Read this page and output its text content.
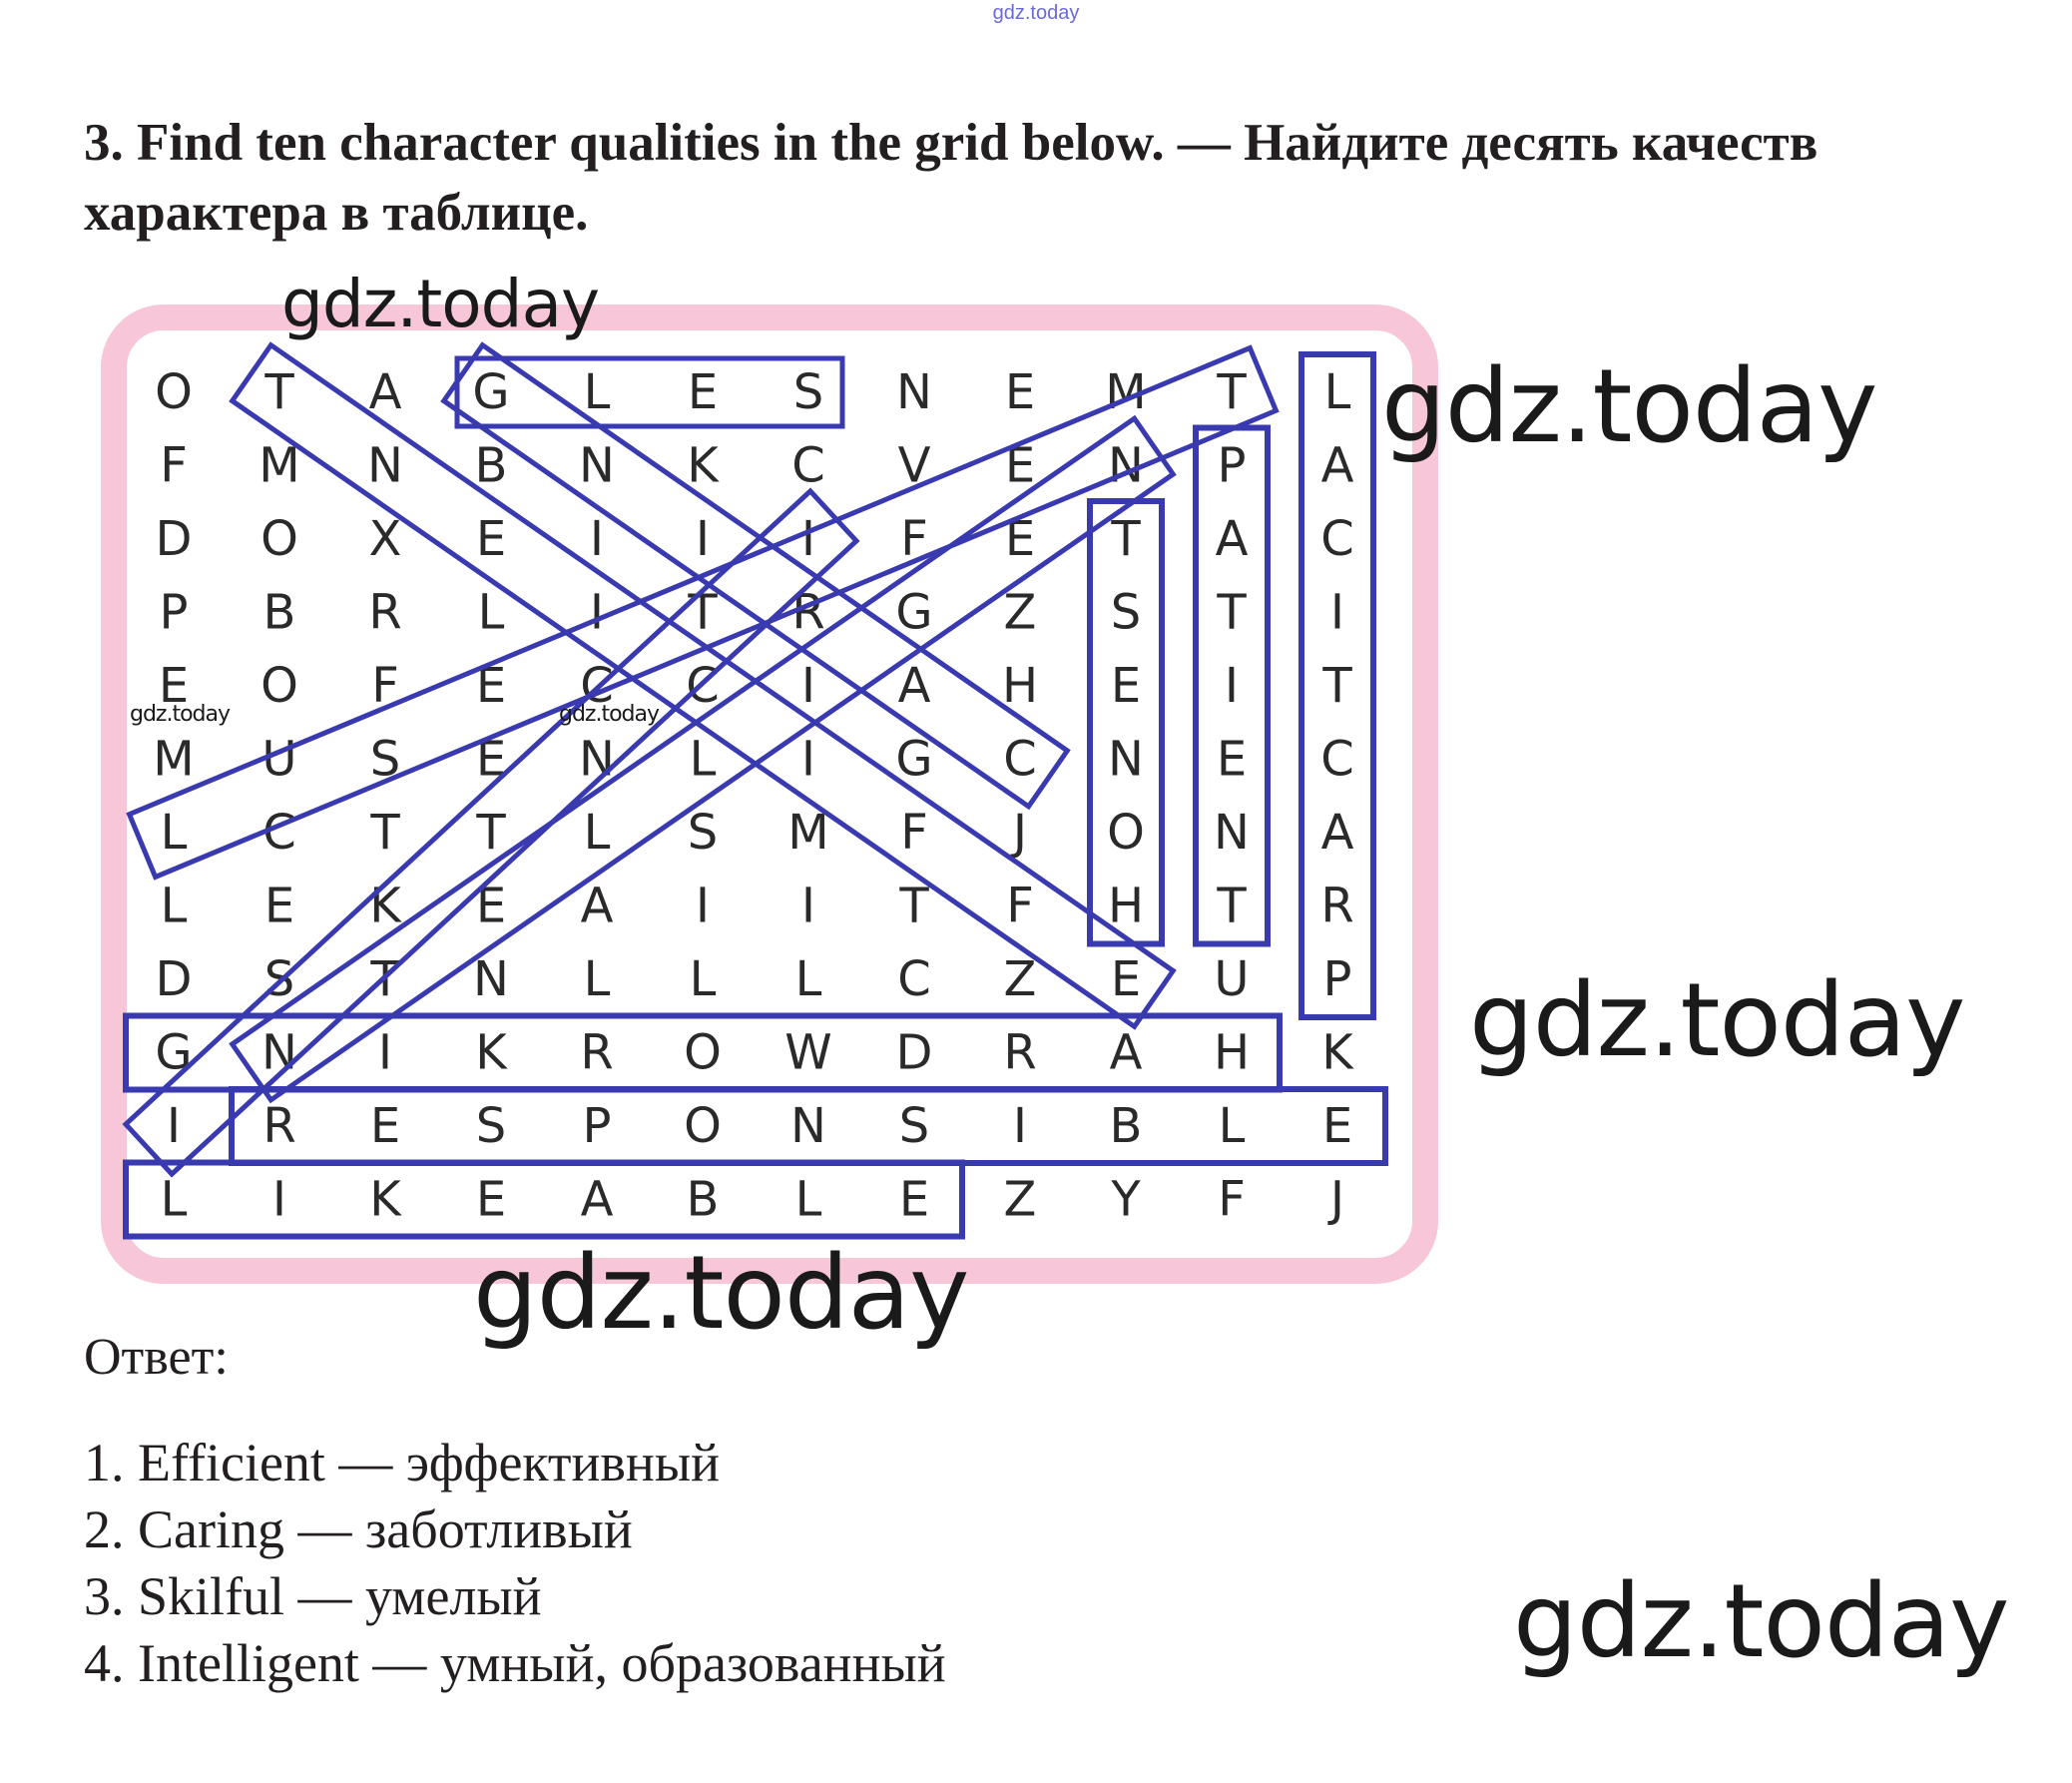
gdz.today
3. Find ten character qualities in the grid below. — Найдите десять качеств
характера в таблице.
O T A G L E S N E M T L
F M N B N K C V E N P A
D O X E I I I F E T A C
P B R L I T R G Z S T I
E O F E C C I A H E I T
M U S E N L I G C N E C
L C T T L S M F J O N A
L E K E A I I T F H T R
D S T N L L L C Z E U P
G N I K R O W D R A H K
I R E S P O N S I B L E
L I K E A B L E Z Y F J
Ответ:
1. Efficient — эффективный
2. Caring — заботливый
3. Skilful — умелый
4. Intelligent — умный, образованный
gdz.today
gdz.today
gdz.today	gdz.today
gdz.today
gdz.today
gdz.today
